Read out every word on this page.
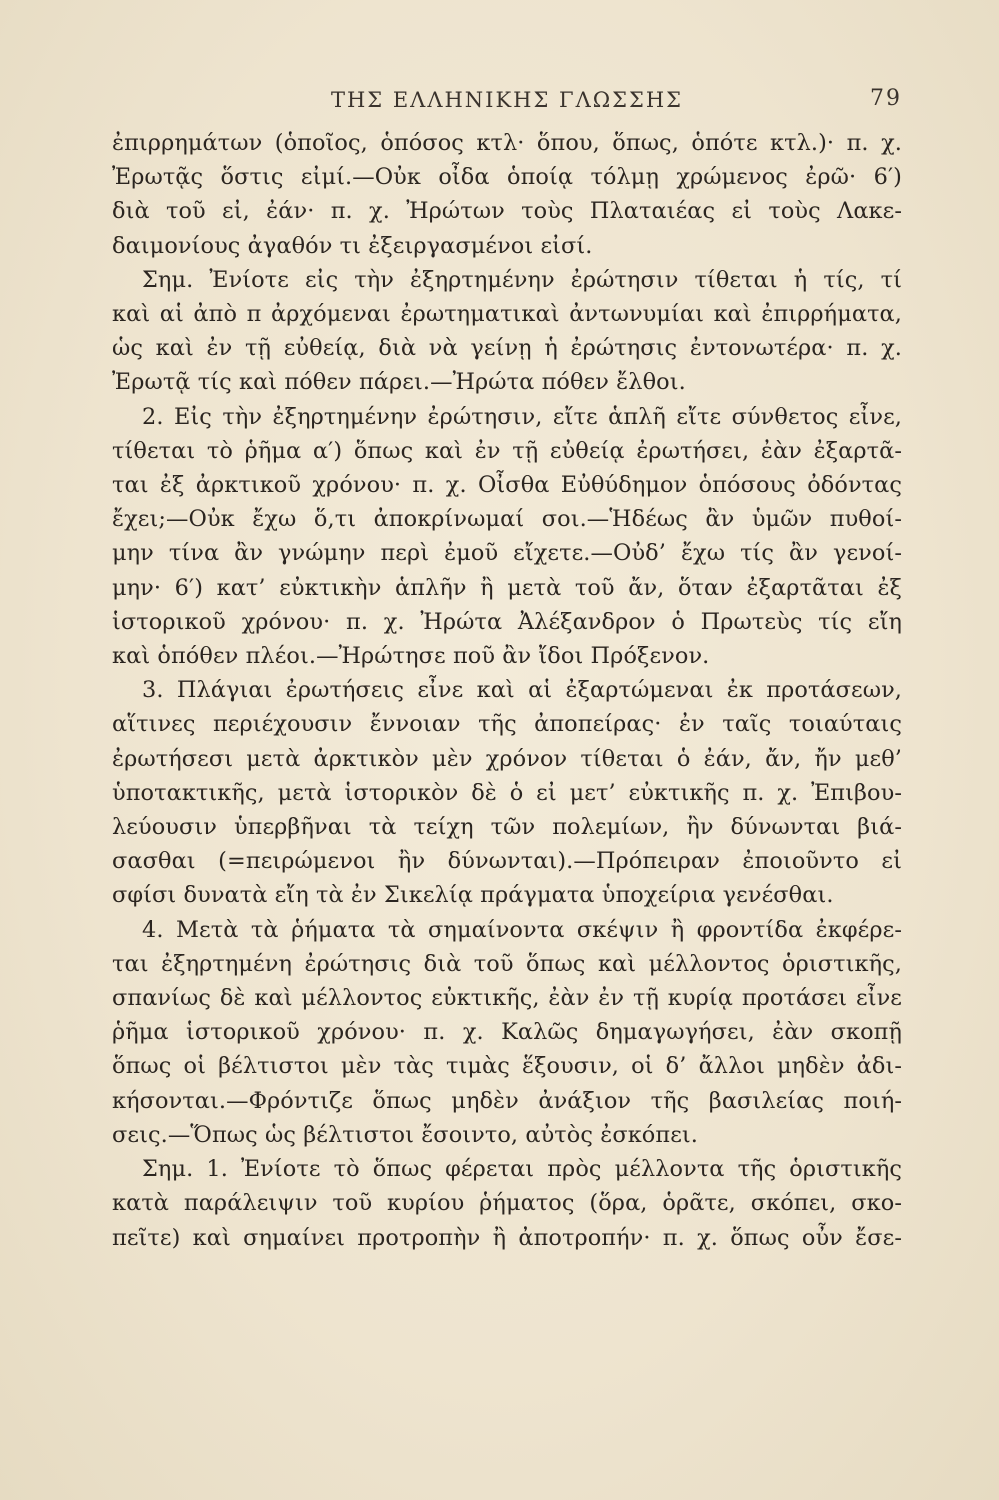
ΤΗΣ ΕΛΛΗΝΙΚΗΣ ΓΛΩΣΣΗΣ	79
ἐπιρρημάτων (ὁποῖος, ὁπόσος κτλ· ὅπου, ὅπως, ὁπότε κτλ.)· π. χ.
Ἐρωτᾷς ὅστις εἰμί.—Οὐκ οἶδα ὁποίᾳ τόλμῃ χρώμενος ἐρῶ· 6′)
διὰ τοῦ εἰ, ἐάν· π. χ. Ἠρώτων τοὺς Πλαταιέας εἰ τοὺς Λακε-
δαιμονίους ἀγαθόν τι ἐξειργασμένοι εἰσί.
Σημ. Ἐνίοτε εἰς τὴν ἐξηρτημένην ἐρώτησιν τίθεται ἡ τίς, τί
καὶ αἱ ἀπὸ π ἀρχόμεναι ἐρωτηματικαὶ ἀντωνυμίαι καὶ ἐπιρρήματα,
ὡς καὶ ἐν τῇ εὐθείᾳ, διὰ νὰ γείνῃ ἡ ἐρώτησις ἐντονωτέρα· π. χ.
Ἐρωτᾷ τίς καὶ πόθεν πάρει.—Ἠρώτα πόθεν ἔλθοι.
2. Εἰς τὴν ἐξηρτημένην ἐρώτησιν, εἴτε ἁπλῆ εἴτε σύνθετος εἶνε,
τίθεται τὸ ῥῆμα α′) ὅπως καὶ ἐν τῇ εὐθείᾳ ἐρωτήσει, ἐὰν ἐξαρτᾶ-
ται ἐξ ἀρκτικοῦ χρόνου· π. χ. Οἶσθα Εὐθύδημον ὁπόσους ὀδόντας
ἔχει;—Οὐκ ἔχω ὅ,τι ἀποκρίνωμαί σοι.—Ἡδέως ἂν ὑμῶν πυθοί-
μην τίνα ἂν γνώμην περὶ ἐμοῦ εἴχετε.—Οὐδ’ ἔχω τίς ἂν γενοί-
μην· 6′) κατ’ εὐκτικὴν ἁπλῆν ἢ μετὰ τοῦ ἄν, ὅταν ἐξαρτᾶται ἐξ
ἱστορικοῦ χρόνου· π. χ. Ἠρώτα Ἀλέξανδρον ὁ Πρωτεὺς τίς εἴη
καὶ ὁπόθεν πλέοι.—Ἠρώτησε ποῦ ἂν ἴδοι Πρόξενον.
3. Πλάγιαι ἐρωτήσεις εἶνε καὶ αἱ ἐξαρτώμεναι ἐκ προτάσεων,
αἵτινες περιέχουσιν ἔννοιαν τῆς ἀποπείρας· ἐν ταῖς τοιαύταις
ἐρωτήσεσι μετὰ ἀρκτικὸν μὲν χρόνον τίθεται ὁ ἐάν, ἄν, ἤν μεθ’
ὑποτακτικῆς, μετὰ ἱστορικὸν δὲ ὁ εἰ μετ’ εὐκτικῆς π. χ. Ἐπιβου-
λεύουσιν ὑπερβῆναι τὰ τείχη τῶν πολεμίων, ἢν δύνωνται βιά-
σασθαι (=πειρώμενοι ἢν δύνωνται).—Πρόπειραν ἐποιοῦντο εἰ
σφίσι δυνατὰ εἴη τὰ ἐν Σικελίᾳ πράγματα ὑποχείρια γενέσθαι.
4. Μετὰ τὰ ῥήματα τὰ σημαίνοντα σκέψιν ἢ φροντίδα ἐκφέρε-
ται ἐξηρτημένη ἐρώτησις διὰ τοῦ ὅπως καὶ μέλλοντος ὁριστικῆς,
σπανίως δὲ καὶ μέλλοντος εὐκτικῆς, ἐὰν ἐν τῇ κυρίᾳ προτάσει εἶνε
ῥῆμα ἱστορικοῦ χρόνου· π. χ. Καλῶς δημαγωγήσει, ἐὰν σκοπῇ
ὅπως οἱ βέλτιστοι μὲν τὰς τιμὰς ἕξουσιν, οἱ δ’ ἄλλοι μηδὲν ἀδι-
κήσονται.—Φρόντιζε ὅπως μηδὲν ἀνάξιον τῆς βασιλείας ποιή-
σεις.—Ὅπως ὡς βέλτιστοι ἔσοιντο, αὐτὸς ἐσκόπει.
Σημ. 1. Ἐνίοτε τὸ ὅπως φέρεται πρὸς μέλλοντα τῆς ὁριστικῆς
κατὰ παράλειψιν τοῦ κυρίου ῥήματος (ὅρα, ὁρᾶτε, σκόπει, σκο-
πεῖτε) καὶ σημαίνει προτροπὴν ἢ ἀποτροπήν· π. χ. ὅπως οὖν ἔσε-
